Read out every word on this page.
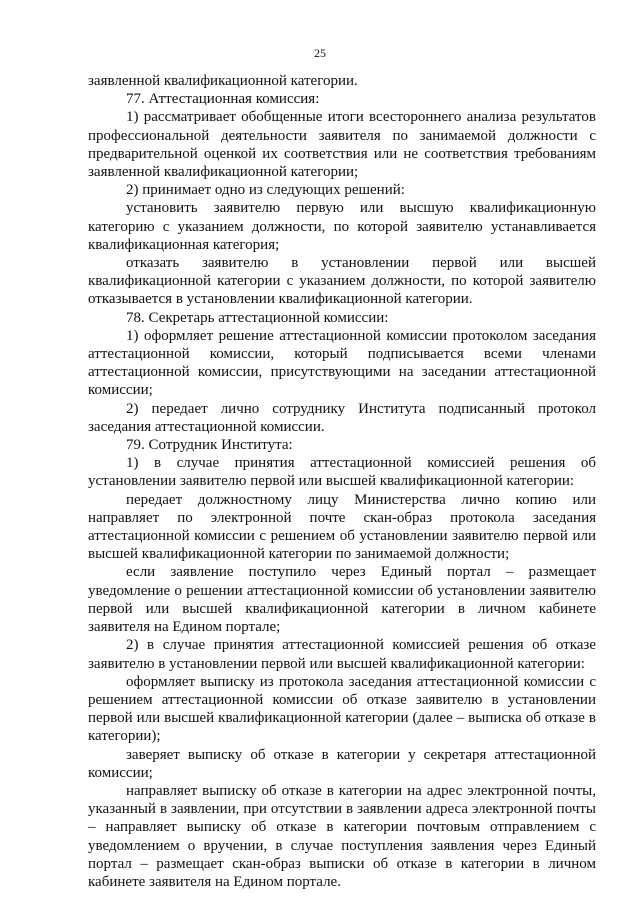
25

заявленной квалификационной категории.

77. Аттестационная комиссия:

1) рассматривает обобщенные итоги всестороннего анализа результатов профессиональной деятельности заявителя по занимаемой должности с предварительной оценкой их соответствия или не соответствия требованиям заявленной квалификационной категории;

2) принимает одно из следующих решений:

установить заявителю первую или высшую квалификационную категорию с указанием должности, по которой заявителю устанавливается квалификационная категория;

отказать заявителю в установлении первой или высшей квалификационной категории с указанием должности, по которой заявителю отказывается в установлении квалификационной категории.

78. Секретарь аттестационной комиссии:

1) оформляет решение аттестационной комиссии протоколом заседания аттестационной комиссии, который подписывается всеми членами аттестационной комиссии, присутствующими на заседании аттестационной комиссии;

2) передает лично сотруднику Института подписанный протокол заседания аттестационной комиссии.

79. Сотрудник Института:

1) в случае принятия аттестационной комиссией решения об установлении заявителю первой или высшей квалификационной категории:

передает должностному лицу Министерства лично копию или направляет по электронной почте скан-образ протокола заседания аттестационной комиссии с решением об установлении заявителю первой или высшей квалификационной категории по занимаемой должности;

если заявление поступило через Единый портал – размещает уведомление о решении аттестационной комиссии об установлении заявителю первой или высшей квалификационной категории в личном кабинете заявителя на Едином портале;

2) в случае принятия аттестационной комиссией решения об отказе заявителю в установлении первой или высшей квалификационной категории:

оформляет выписку из протокола заседания аттестационной комиссии с решением аттестационной комиссии об отказе заявителю в установлении первой или высшей квалификационной категории (далее – выписка об отказе в категории);

заверяет выписку об отказе в категории у секретаря аттестационной комиссии;

направляет выписку об отказе в категории на адрес электронной почты, указанный в заявлении, при отсутствии в заявлении адреса электронной почты – направляет выписку об отказе в категории почтовым отправлением с уведомлением о вручении, в случае поступления заявления через Единый портал – размещает скан-образ выписки об отказе в категории в личном кабинете заявителя на Едином портале.
